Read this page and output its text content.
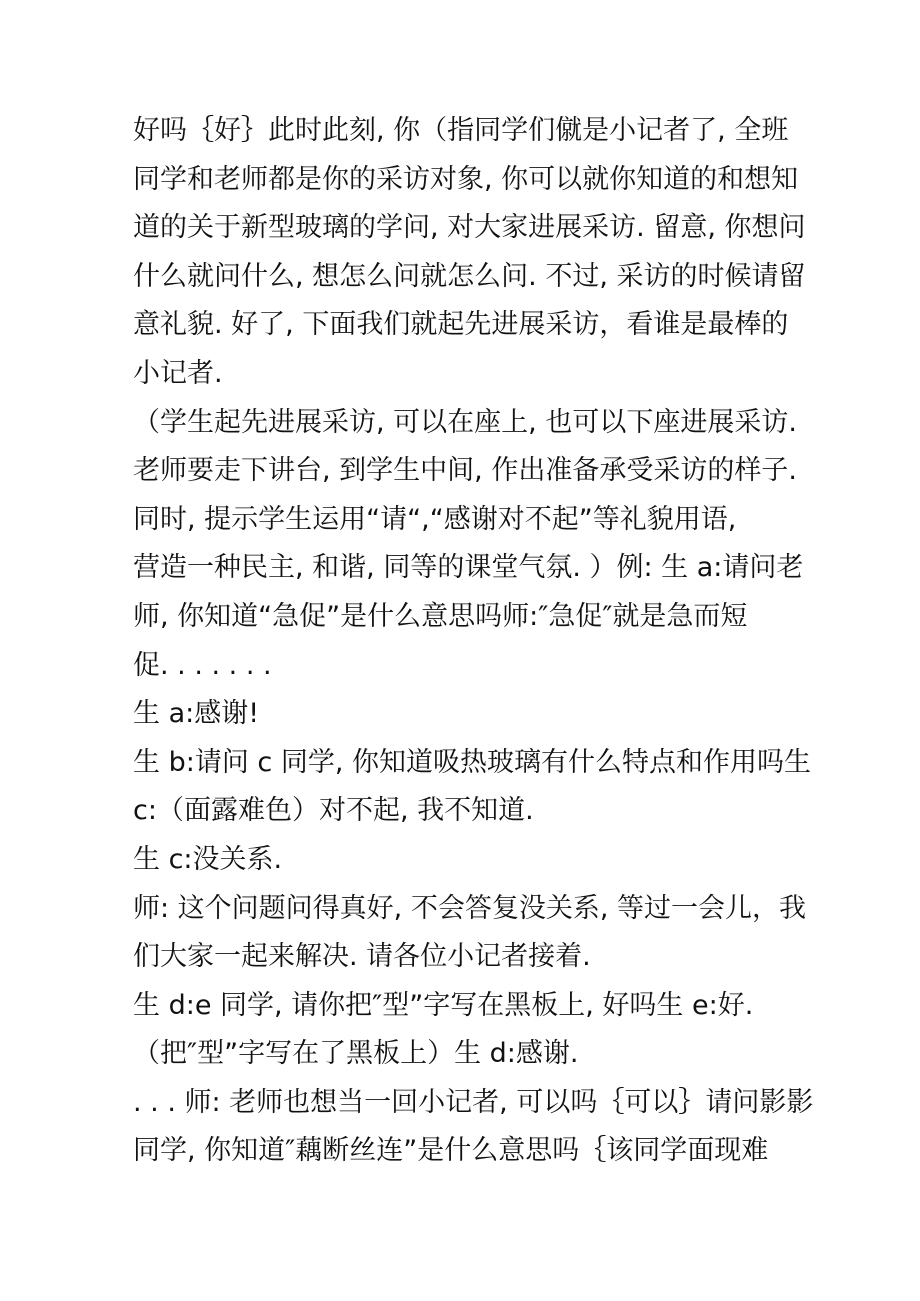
好吗｛好｝此时此刻, 你（指同学们僦是小记者了, 全班
同学和老师都是你的采访对象, 你可以就你知道的和想知
道的关于新型玻璃的学问, 对大家进展采访. 留意, 你想问
什么就问什么, 想怎么问就怎么问. 不过, 采访的时候请留
意礼貌. 好了, 下面我们就起先进展采访，看谁是最棒的
小记者.
（学生起先进展采访, 可以在座上, 也可以下座进展采访.
老师要走下讲台, 到学生中间, 作出准备承受采访的样子.
同时, 提示学生运用“请“,“感谢对不起”等礼貌用语,
营造一种民主, 和谐, 同等的课堂气氛. ）例: 生 a:请问老
师, 你知道“急促”是什么意思吗师:″急促″就是急而短
促. . . . . . .
生 a:感谢!
生 b:请问 c 同学, 你知道吸热玻璃有什么特点和作用吗生
c:（面露难色）对不起, 我不知道.
生 c:没关系.
师: 这个问题问得真好, 不会答复没关系, 等过一会儿，我
们大家一起来解决. 请各位小记者接着.
生 d:e 同学, 请你把″型”字写在黑板上, 好吗生 e:好.
（把″型”字写在了黑板上）生 d:感谢.
. . . 师: 老师也想当一回小记者, 可以吗｛可以｝请问影影
同学, 你知道″藕断丝连”是什么意思吗｛该同学面现难
